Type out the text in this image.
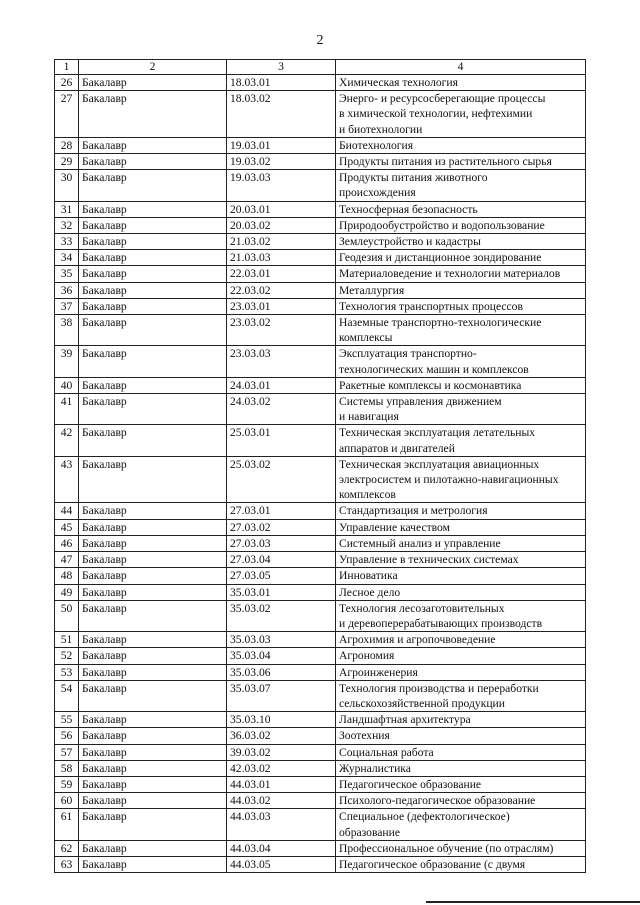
2
1	2	3	4
26	Бакалавр	18.03.01	Химическая технология
27	Бакалавр	18.03.02	Энерго- и ресурсосберегающие процессы
в химической технологии, нефтехимии
и биотехнологии
28	Бакалавр	19.03.01	Биотехнология
29	Бакалавр	19.03.02	Продукты питания из растительного сырья
30	Бакалавр	19.03.03	Продукты питания животного
происхождения
31	Бакалавр	20.03.01	Техносферная безопасность
32	Бакалавр	20.03.02	Природообустройство и водопользование
33	Бакалавр	21.03.02	Землеустройство и кадастры
34	Бакалавр	21.03.03	Геодезия и дистанционное зондирование
35	Бакалавр	22.03.01	Материаловедение и технологии материалов
36	Бакалавр	22.03.02	Металлургия
37	Бакалавр	23.03.01	Технология транспортных процессов
38	Бакалавр	23.03.02	Наземные транспортно-технологические
комплексы
39	Бакалавр	23.03.03	Эксплуатация транспортно-
технологических машин и комплексов
40	Бакалавр	24.03.01	Ракетные комплексы и космонавтика
41	Бакалавр	24.03.02	Системы управления движением
и навигация
42	Бакалавр	25.03.01	Техническая эксплуатация летательных
аппаратов и двигателей
43	Бакалавр	25.03.02	Техническая эксплуатация авиационных
электросистем и пилотажно-навигационных
комплексов
44	Бакалавр	27.03.01	Стандартизация и метрология
45	Бакалавр	27.03.02	Управление качеством
46	Бакалавр	27.03.03	Системный анализ и управление
47	Бакалавр	27.03.04	Управление в технических системах
48	Бакалавр	27.03.05	Инноватика
49	Бакалавр	35.03.01	Лесное дело
50	Бакалавр	35.03.02	Технология лесозаготовительных
и деревоперерабатывающих производств
51	Бакалавр	35.03.03	Агрохимия и агропочвоведение
52	Бакалавр	35.03.04	Агрономия
53	Бакалавр	35.03.06	Агроинженерия
54	Бакалавр	35.03.07	Технология производства и переработки
сельскохозяйственной продукции
55	Бакалавр	35.03.10	Ландшафтная архитектура
56	Бакалавр	36.03.02	Зоотехния
57	Бакалавр	39.03.02	Социальная работа
58	Бакалавр	42.03.02	Журналистика
59	Бакалавр	44.03.01	Педагогическое образование
60	Бакалавр	44.03.02	Психолого-педагогическое образование
61	Бакалавр	44.03.03	Специальное (дефектологическое)
образование
62	Бакалавр	44.03.04	Профессиональное обучение (по отраслям)
63	Бакалавр	44.03.05	Педагогическое образование (с двумя
